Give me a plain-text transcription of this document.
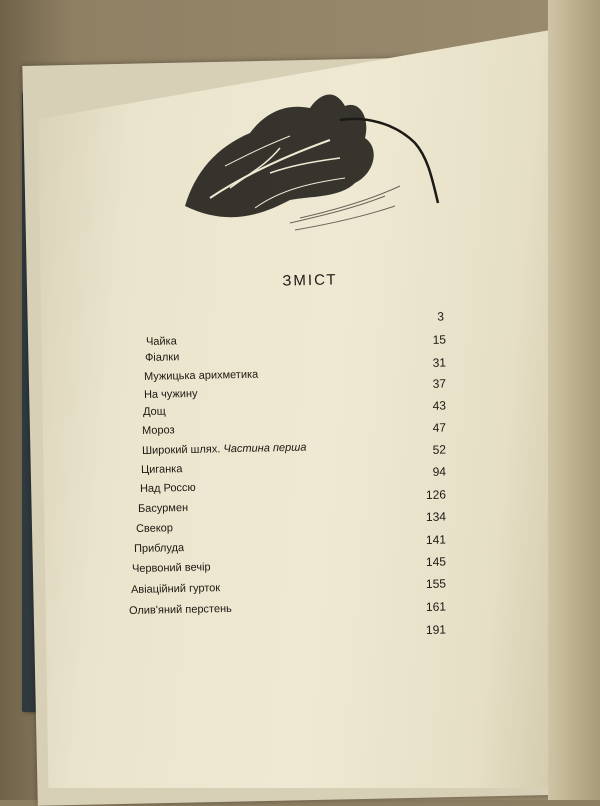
ЗМІСТ
3
Чайка	15
Фіалки	31
Мужицька арихметика
37
На чужину
43
Дощ
47
Мороз
52
Широкий шлях. Частина перша
94
Циганка
126
Над Россю
134
Басурмен
141
Свекор
145
Приблуда
155
Червоний вечір
161
Авіаційний гурток
Олив'яний перстень
191
